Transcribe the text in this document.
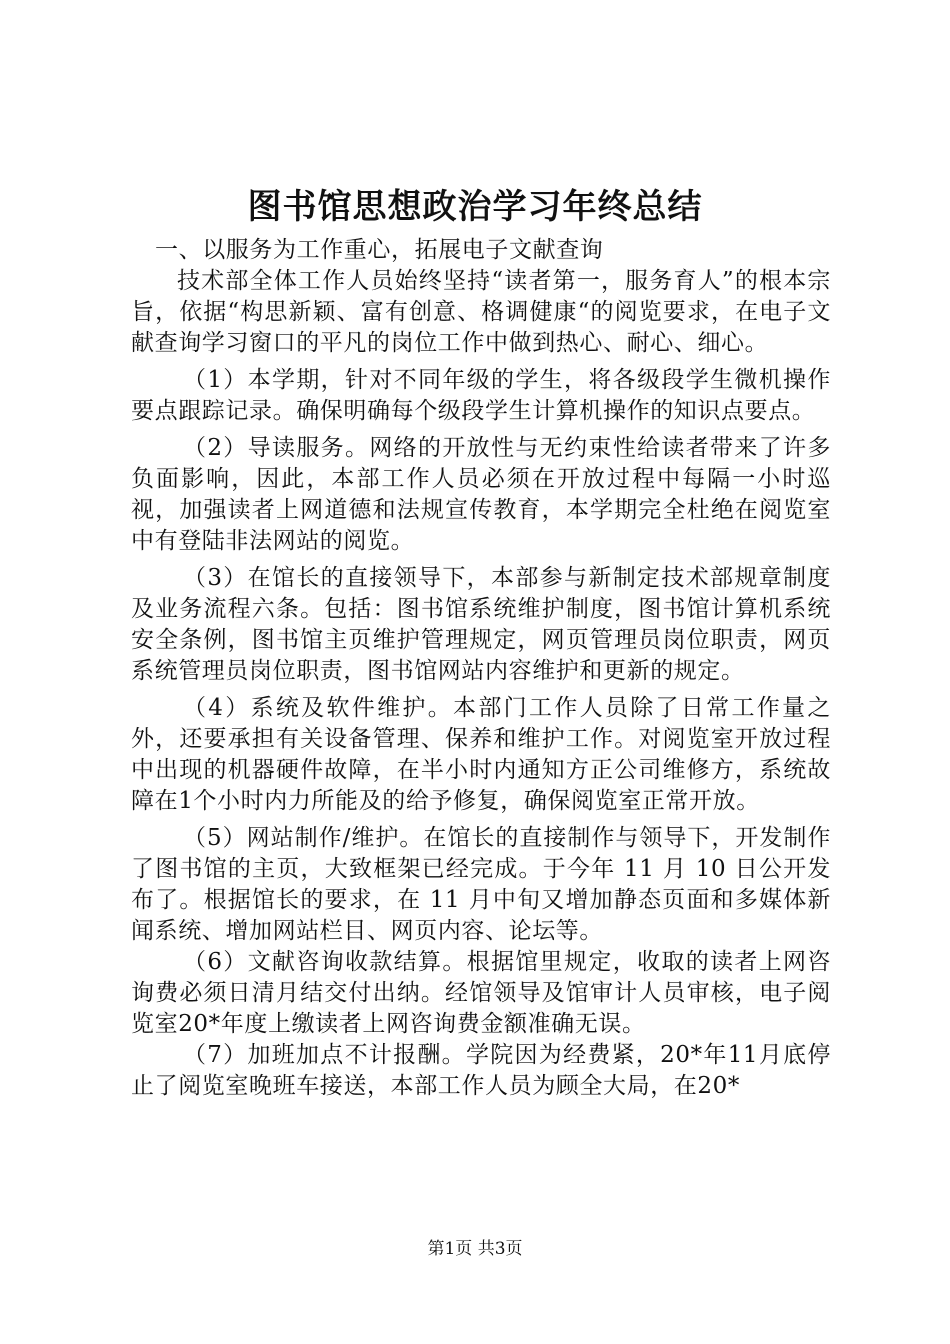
图书馆思想政治学习年终总结

一、以服务为工作重心，拓展电子文献查询

技术部全体工作人员始终坚持“读者第一，服务育人”的根本宗旨，依据“构思新颖、富有创意、格调健康“的阅览要求，在电子文献查询学习窗口的平凡的岗位工作中做到热心、耐心、细心。

（1）本学期，针对不同年级的学生，将各级段学生微机操作要点跟踪记录。确保明确每个级段学生计算机操作的知识点要点。

（2）导读服务。网络的开放性与无约束性给读者带来了许多负面影响，因此，本部工作人员必须在开放过程中每隔一小时巡视，加强读者上网道德和法规宣传教育，本学期完全杜绝在阅览室中有登陆非法网站的阅览。

（3）在馆长的直接领导下，本部参与新制定技术部规章制度及业务流程六条。包括：图书馆系统维护制度，图书馆计算机系统安全条例，图书馆主页维护管理规定，网页管理员岗位职责，网页系统管理员岗位职责，图书馆网站内容维护和更新的规定。

（4）系统及软件维护。本部门工作人员除了日常工作量之外，还要承担有关设备管理、保养和维护工作。对阅览室开放过程中出现的机器硬件故障，在半小时内通知方正公司维修方，系统故障在1个小时内力所能及的给予修复，确保阅览室正常开放。

（5）网站制作/维护。在馆长的直接制作与领导下，开发制作了图书馆的主页，大致框架已经完成。于今年 11 月 10 日公开发布了。根据馆长的要求，在 11 月中旬又增加静态页面和多媒体新闻系统、增加网站栏目、网页内容、论坛等。

（6）文献咨询收款结算。根据馆里规定，收取的读者上网咨询费必须日清月结交付出纳。经馆领导及馆审计人员审核，电子阅览室20*年度上缴读者上网咨询费金额准确无误。

（7）加班加点不计报酬。学院因为经费紧，20*年11月底停止了阅览室晚班车接送，本部工作人员为顾全大局，在20*

第1页 共3页
